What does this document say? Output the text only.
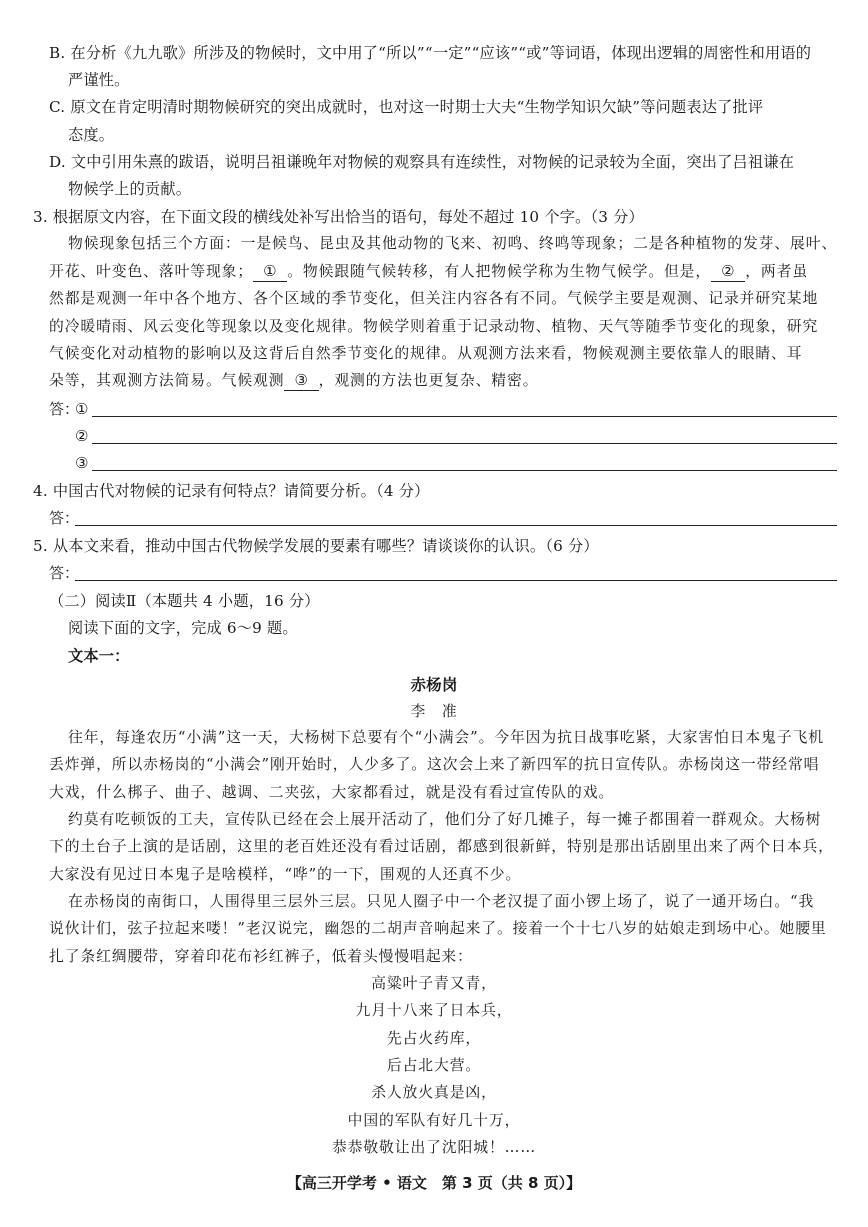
B. 在分析《九九歌》所涉及的物候时，文中用了“所以”“一定”“应该”“或”等词语，体现出逻辑的周密性和用语的
严谨性。
C. 原文在肯定明清时期物候研究的突出成就时，也对这一时期士大夫“生物学知识欠缺”等问题表达了批评
态度。
D. 文中引用朱熹的跋语，说明吕祖谦晚年对物候的观察具有连续性，对物候的记录较为全面，突出了吕祖谦在
物候学上的贡献。
3. 根据原文内容，在下面文段的横线处补写出恰当的语句，每处不超过 10 个字。（3 分）
物候现象包括三个方面：一是候鸟、昆虫及其他动物的飞来、初鸣、终鸣等现象；二是各种植物的发芽、展叶、
开花、叶变色、落叶等现象； ① 。物候跟随气候转移，有人把物候学称为生物气候学。但是， ② ，两者虽
然都是观测一年中各个地方、各个区域的季节变化，但关注内容各有不同。气候学主要是观测、记录并研究某地
的冷暖晴雨、风云变化等现象以及变化规律。物候学则着重于记录动物、植物、天气等随季节变化的现象，研究
气候变化对动植物的影响以及这背后自然季节变化的规律。从观测方法来看，物候观测主要依靠人的眼睛、耳
朵等，其观测方法简易。气候观测 ③ ，观测的方法也更复杂、精密。
答：
①
②
③
4. 中国古代对物候的记录有何特点？请简要分析。（4 分）
答：
5. 从本文来看，推动中国古代物候学发展的要素有哪些？请谈谈你的认识。（6 分）
答：
（二）阅读Ⅱ（本题共 4 小题，16 分）
阅读下面的文字，完成 6～9 题。
文本一：
赤杨岗
李　准
往年，每逢农历“小满”这一天，大杨树下总要有个“小满会”。今年因为抗日战事吃紧，大家害怕日本鬼子飞机
丢炸弹，所以赤杨岗的“小满会”刚开始时，人少多了。这次会上来了新四军的抗日宣传队。赤杨岗这一带经常唱
大戏，什么梆子、曲子、越调、二夹弦，大家都看过，就是没有看过宣传队的戏。
约莫有吃顿饭的工夫，宣传队已经在会上展开活动了，他们分了好几摊子，每一摊子都围着一群观众。大杨树
下的土台子上演的是话剧，这里的老百姓还没有看过话剧，都感到很新鲜，特别是那出话剧里出来了两个日本兵，
大家没有见过日本鬼子是啥模样，“哗”的一下，围观的人还真不少。
在赤杨岗的南街口，人围得里三层外三层。只见人圈子中一个老汉提了面小锣上场了，说了一通开场白。“我
说伙计们，弦子拉起来喽！”老汉说完，幽怨的二胡声音响起来了。接着一个十七八岁的姑娘走到场中心。她腰里
扎了条红绸腰带，穿着印花布衫红裤子，低着头慢慢唱起来：
高粱叶子青又青，
九月十八来了日本兵，
先占火药库，
后占北大营。
杀人放火真是凶，
中国的军队有好几十万，
恭恭敬敬让出了沈阳城！……
【高三开学考 • 语文　第 3 页（共 8 页）】
